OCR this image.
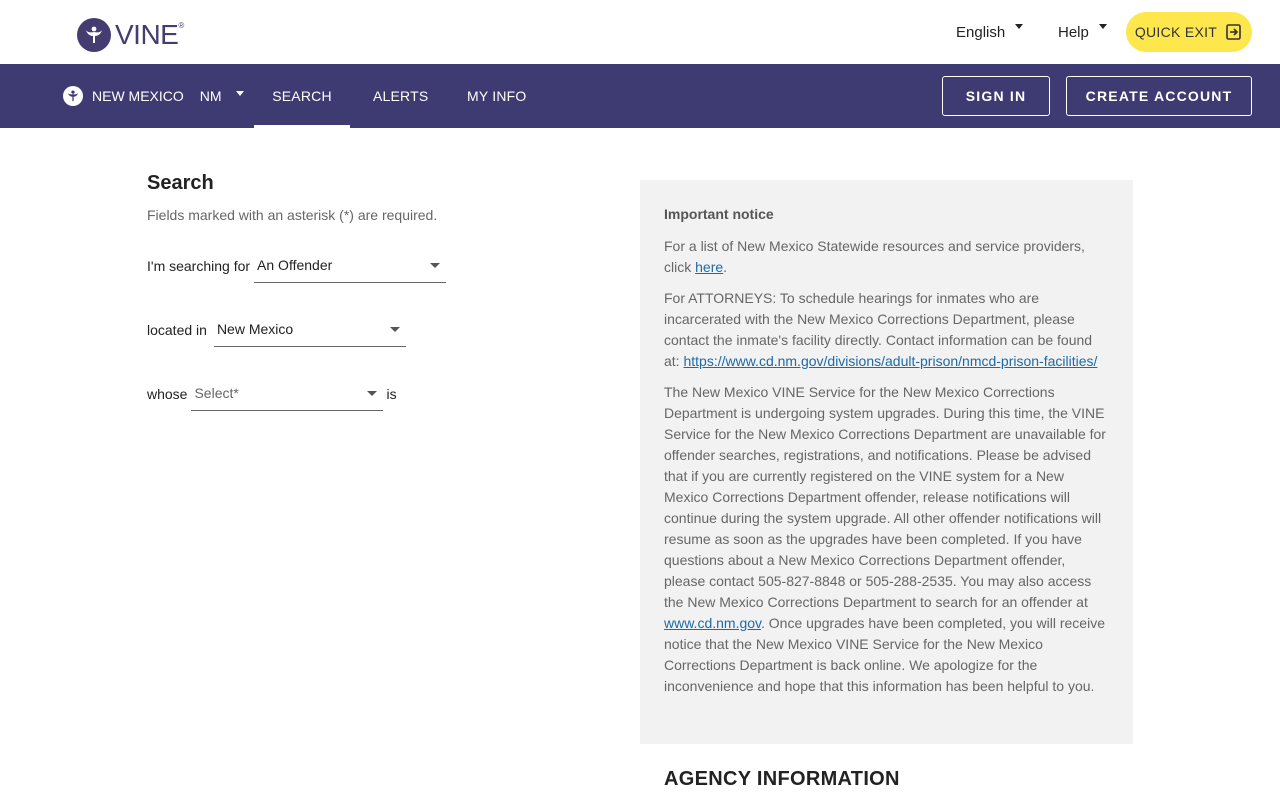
VINE ®	English	Help	QUICK EXIT
NEW MEXICO NM	SEARCH	ALERTS	MY INFO	SIGN IN	CREATE ACCOUNT
Search
Fields marked with an asterisk (*) are required.
I'm searching for An Offender
located in New Mexico
whose Select*	is
Important notice

For a list of New Mexico Statewide resources and service providers, click here.

For ATTORNEYS: To schedule hearings for inmates who are incarcerated with the New Mexico Corrections Department, please contact the inmate's facility directly. Contact information can be found at: https://www.cd.nm.gov/divisions/adult-prison/nmcd-prison-facilities/

The New Mexico VINE Service for the New Mexico Corrections Department is undergoing system upgrades. During this time, the VINE Service for the New Mexico Corrections Department are unavailable for offender searches, registrations, and notifications. Please be advised that if you are currently registered on the VINE system for a New Mexico Corrections Department offender, release notifications will continue during the system upgrade. All other offender notifications will resume as soon as the upgrades have been completed. If you have questions about a New Mexico Corrections Department offender, please contact 505-827-8848 or 505-288-2535. You may also access the New Mexico Corrections Department to search for an offender at www.cd.nm.gov. Once upgrades have been completed, you will receive notice that the New Mexico VINE Service for the New Mexico Corrections Department is back online. We apologize for the inconvenience and hope that this information has been helpful to you.

AGENCY INFORMATION
